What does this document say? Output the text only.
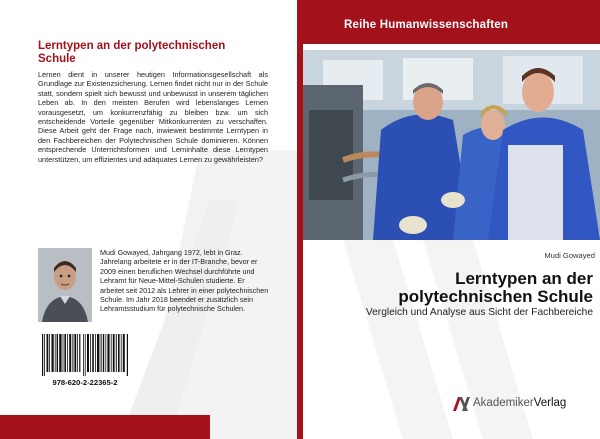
Lerntypen an der polytechnischen
Schule
Lernen dient in unserer heutigen Informationsgesellschaft als Grundlage zur Existenzsicherung. Lernen findet nicht nur in der Schule statt, sondern spielt sich bewusst und unbewusst in unserem täglichen Leben ab. In den meisten Berufen wird lebenslanges Lernen vorausgesetzt, um konkurrenzfähig zu bleiben bzw. um sich entscheidende Vorteile gegenüber Mitkonkurrenten zu verschaffen. Diese Arbeit geht der Frage nach, inwieweit bestimmte Lerntypen in den Fachbereichen der Polytechnischen Schule dominieren. Können entsprechende Unterrichtsformen und Lerninhalte diese Lerntypen unterstützen, um effizientes und adäquates Lernen zu gewährleisten?
Mudi Gowayed, Jahrgang 1972, lebt in Graz. Jahrelang arbeitete er in der IT-Branche, bevor er 2009 einen beruflichen Wechsel durchführte und Lehramt für Neue-Mittel-Schulen studierte. Er arbeitet seit 2012 als Lehrer in einer polytechnischen Schule. Im Jahr 2018 beendet er zusätzlich sein Lehramtsstudium für polytechnische Schulen.
978-620-2-22365-2
Reihe Humanwissenschaften
Mudi Gowayed
Lerntypen an der
polytechnischen Schule
Vergleich und Analyse aus Sicht der Fachbereiche
AkademikerVerlag
